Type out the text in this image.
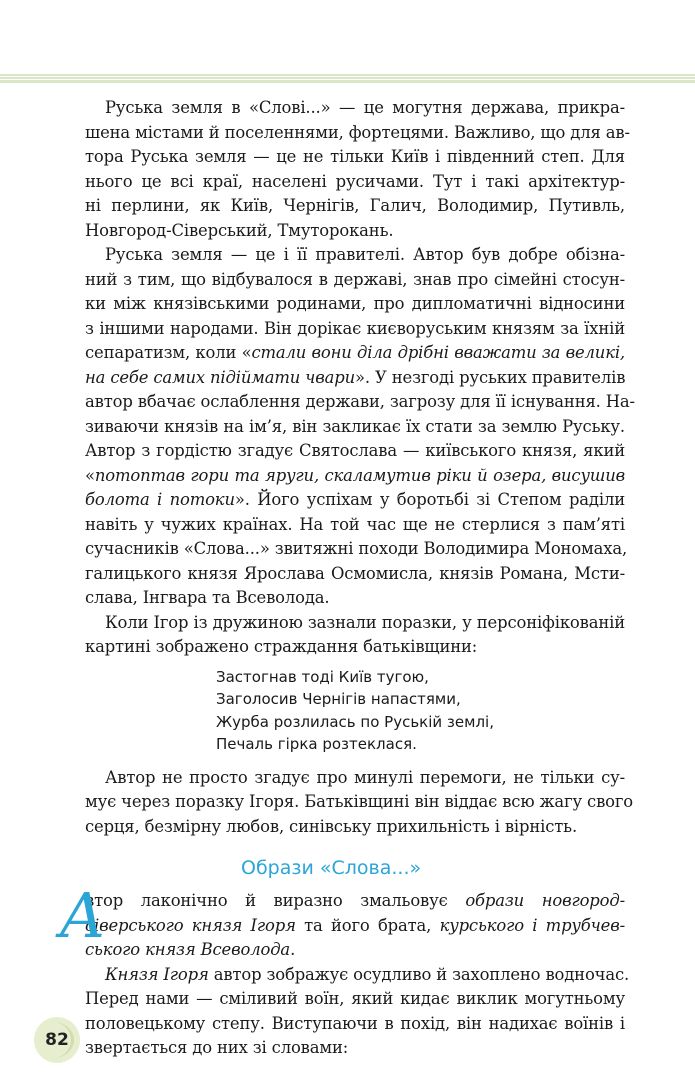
Руська земля в «Слові...» — це могутня держава, прикра-
шена містами й поселеннями, фортецями. Важливо, що для ав-
тора Руська земля — це не тільки Київ і південний степ. Для
нього це всі краї, населені русичами. Тут і такі архітектур-
ні перлини, як Київ, Чернігів, Галич, Володимир, Путивль,
Новгород-Сіверський, Тмуторокань.

Руська земля — це і її правителі. Автор був добре обізна-
ний з тим, що відбувалося в державі, знав про сімейні стосун-
ки між князівськими родинами, про дипломатичні відносини
з іншими народами. Він дорікає києворуським князям за їхній
сепаратизм, коли «стали вони діла дрібні вважати за великі,
на себе самих підіймати чвари». У незгоді руських правителів
автор вбачає ослаблення держави, загрозу для її існування. На-
зиваючи князів на ім’я, він закликає їх стати за землю Руську.
Автор з гордістю згадує Святослава — київського князя, який
«потоптав гори та яруги, скаламутив ріки й озера, висушив
болота і потоки». Його успіхам у боротьбі зі Степом раділи
навіть у чужих країнах. На той час ще не стерлися з пам’яті
сучасників «Слова...» звитяжні походи Володимира Мономаха,
галицького князя Ярослава Осмомисла, князів Романа, Мсти-
слава, Інгвара та Всеволода.

Коли Ігор із дружиною зазнали поразки, у персоніфікованій
картині зображено страждання батьківщини:

Застогнав тоді Київ тугою,
Заголосив Чернігів напастями,
Журба розлилась по Руській землі,
Печаль гірка розтеклася.

Автор не просто згадує про минулі перемоги, не тільки су-
мує через поразку Ігоря. Батьківщині він віддає всю жагу свого
серця, безмірну любов, синівську прихильність і вірність.

Образи «Слова...»

А
втор лаконічно й виразно змальовує образи новгород-
сіверського князя Ігоря та його брата, курського і трубчев-
ського князя Всеволода.

Князя Ігоря автор зображує осудливо й захоплено водночас.
Перед нами — сміливий воїн, який кидає виклик могутньому
половецькому степу. Виступаючи в похід, він надихає воїнів і
звертається до них зі словами:

82
